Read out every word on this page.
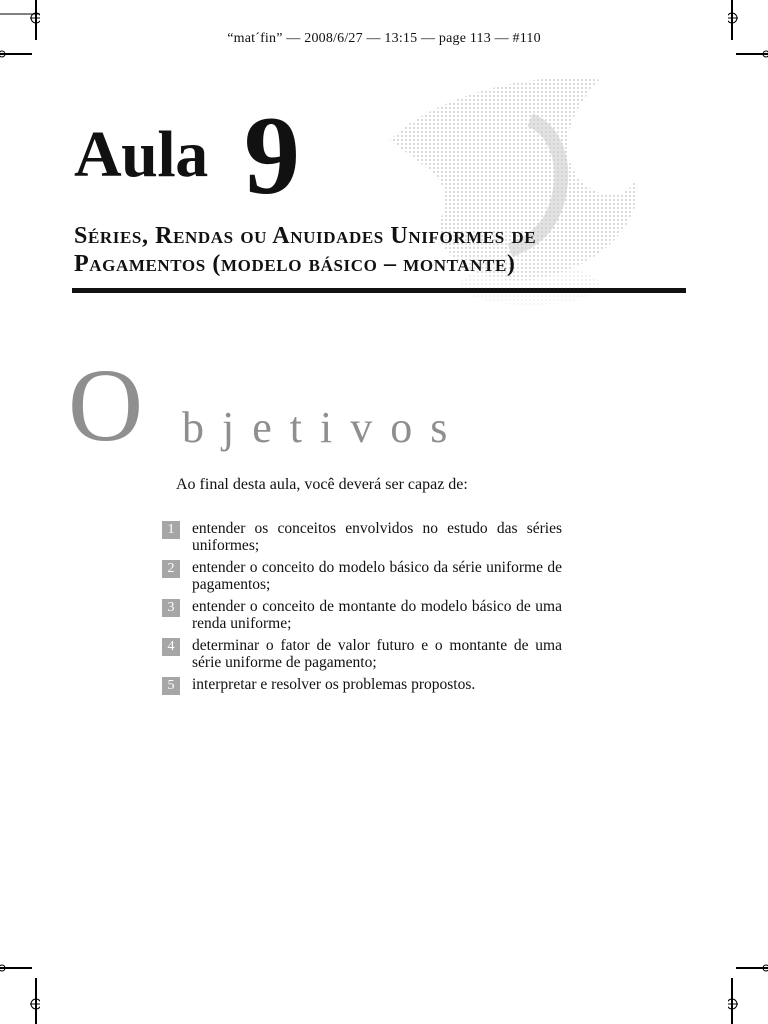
“mat´fin” — 2008/6/27 — 13:15 — page 113 — #110
Aula 9
Séries, Rendas ou Anuidades Uniformes de
Pagamentos (modelo básico – montante)
O bjetivos
Ao final desta aula, você deverá ser capaz de:
1	entender os conceitos envolvidos no estudo das séries uniformes;
2	entender o conceito do modelo básico da série uniforme de pagamentos;
3	entender o conceito de montante do modelo básico de uma renda uniforme;
4	determinar o fator de valor futuro e o montante de uma série uniforme de pagamento;
5	interpretar e resolver os problemas propostos.
